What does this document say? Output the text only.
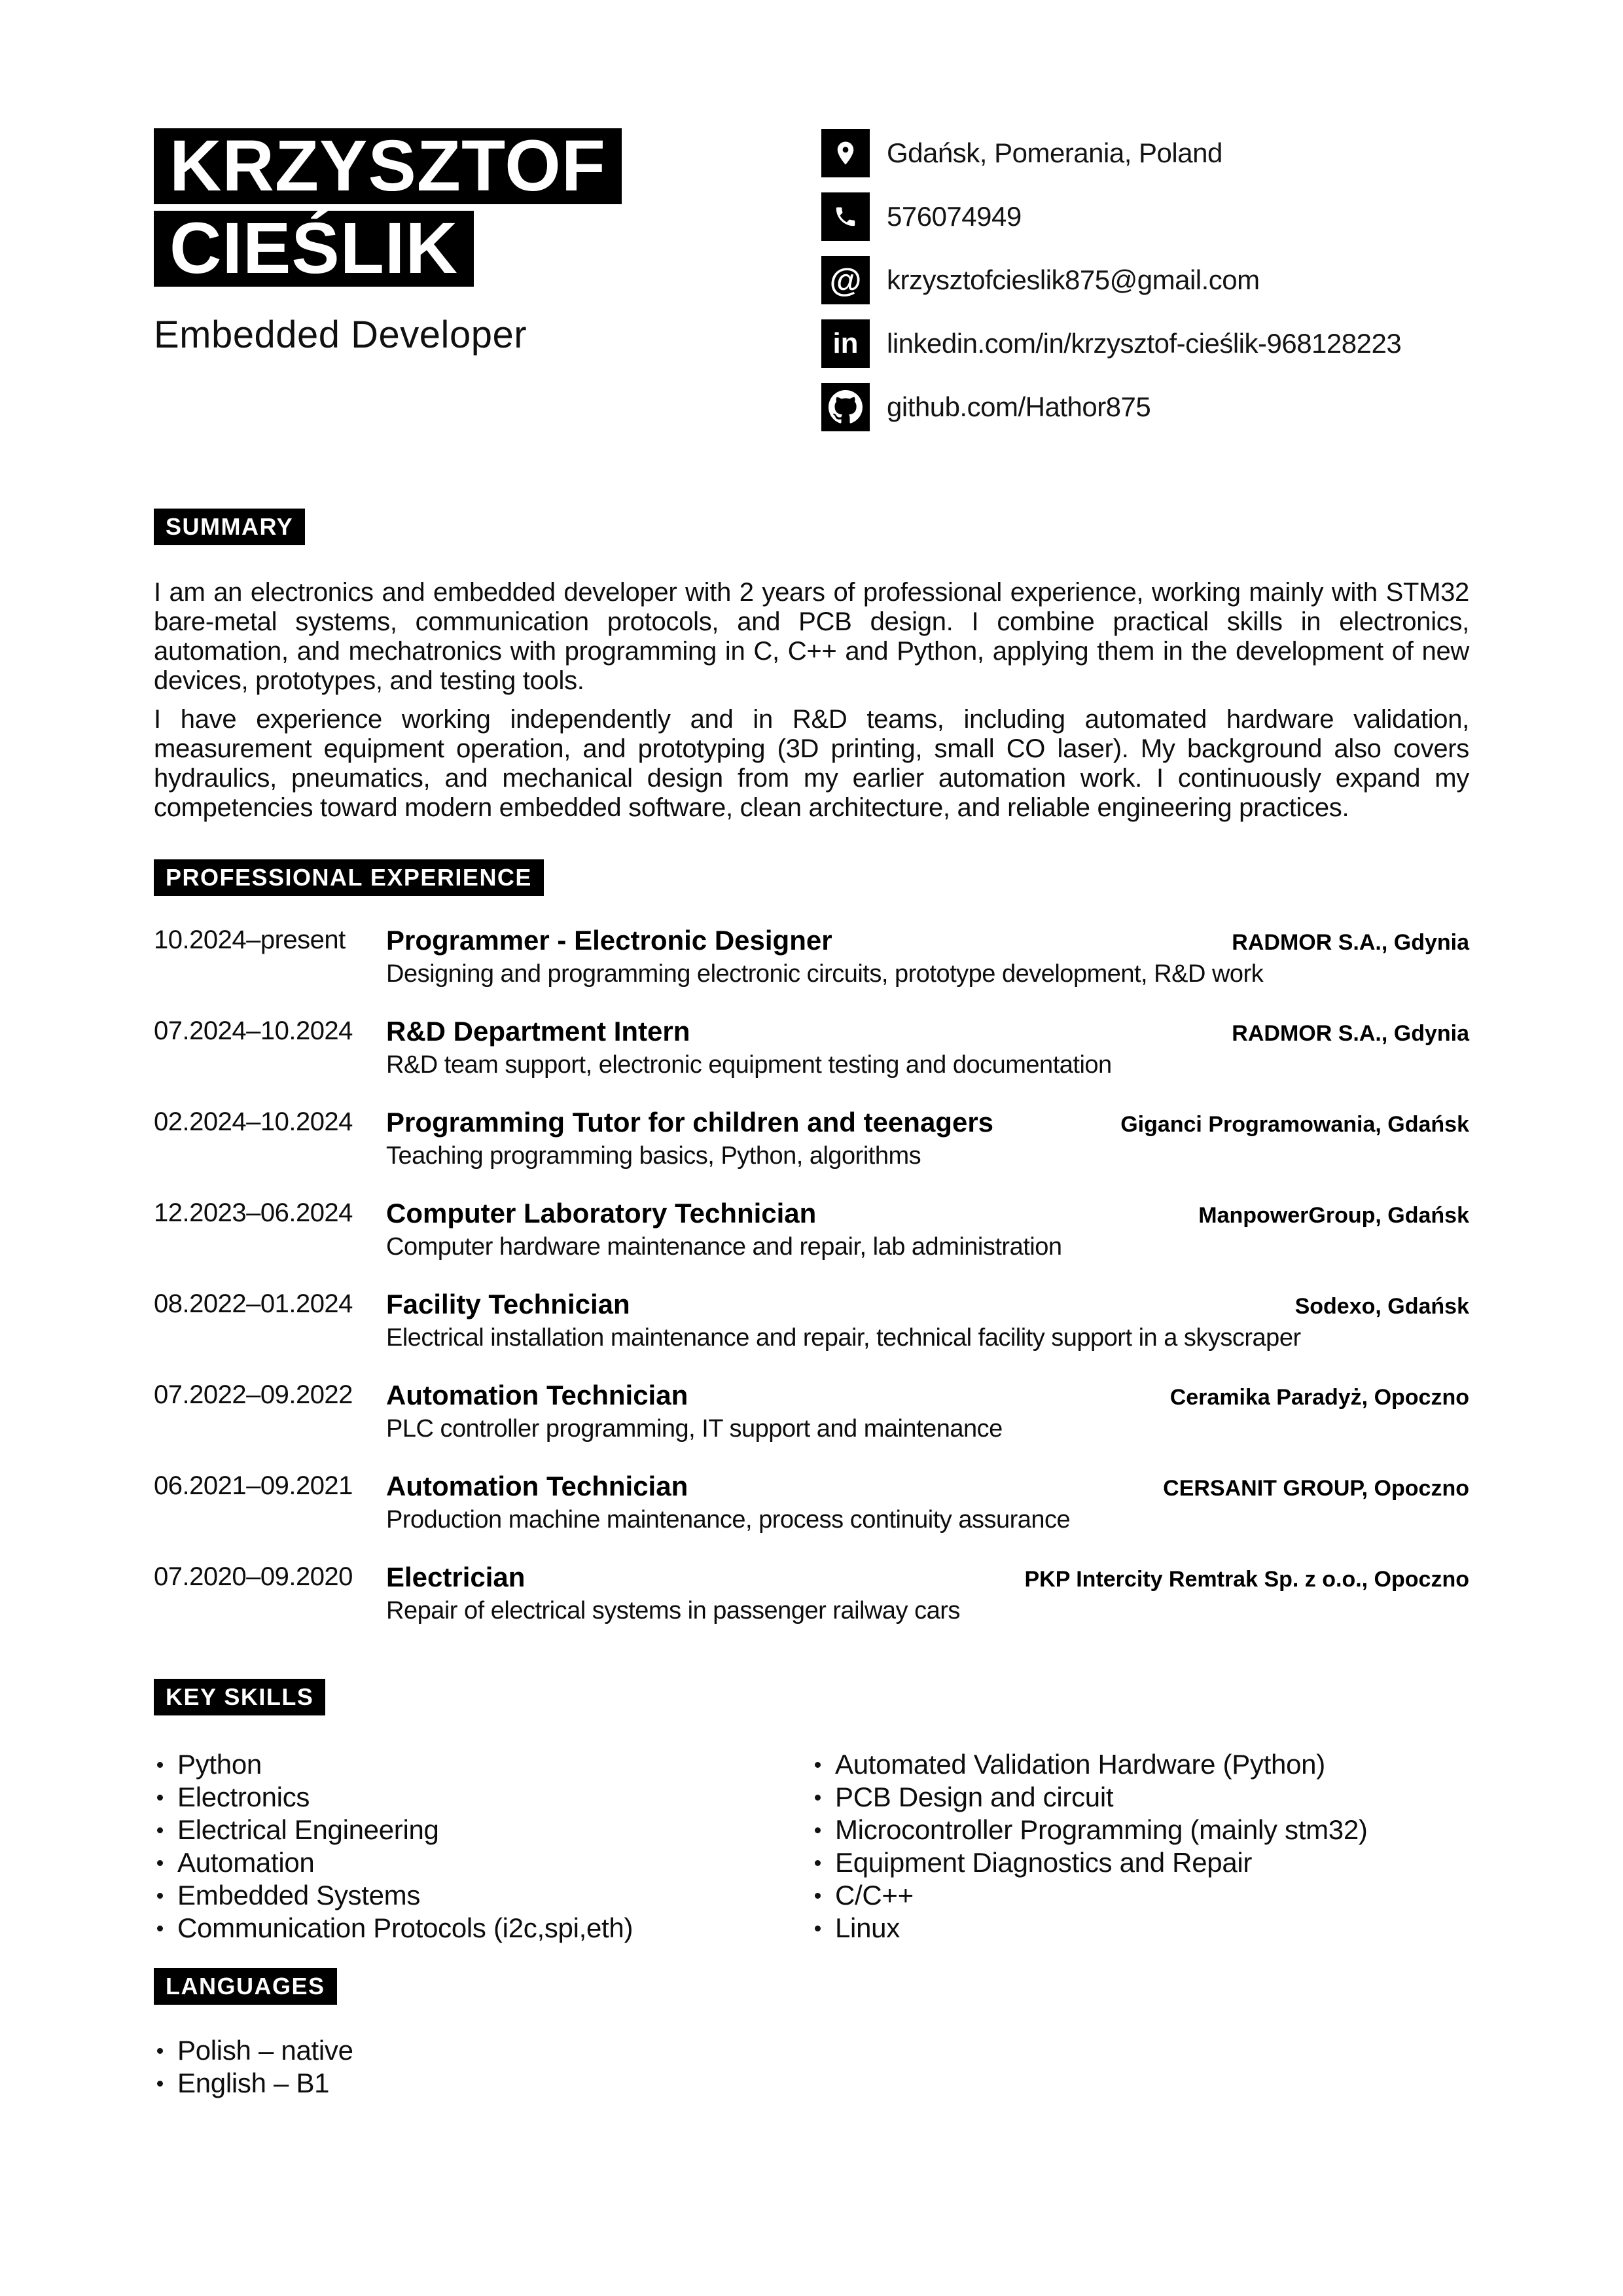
KRZYSZTOF
CIEŚLIK
Embedded Developer
Gdańsk, Pomerania, Poland
576074949
@ krzysztofcieslik875@gmail.com
in linkedin.com/in/krzysztof-cieślik-968128223
github.com/Hathor875
SUMMARY

I am an electronics and embedded developer with 2 years of professional experience, working mainly with STM32 bare-metal systems, communication protocols, and PCB design. I combine practical skills in electronics, automation, and mechatronics with programming in C, C++ and Python, applying them in the development of new devices, prototypes, and testing tools.

I have experience working independently and in R&D teams, including automated hardware validation, measurement equipment operation, and prototyping (3D printing, small CO laser). My background also covers hydraulics, pneumatics, and mechanical design from my earlier automation work. I continuously expand my competencies toward modern embedded software, clean architecture, and reliable engineering practices.

PROFESSIONAL EXPERIENCE
10.2024–present	Programmer - Electronic Designer	RADMOR S.A., Gdynia
Designing and programming electronic circuits, prototype development, R&D work
07.2024–10.2024	R&D Department Intern	RADMOR S.A., Gdynia
R&D team support, electronic equipment testing and documentation
02.2024–10.2024	Programming Tutor for children and teenagers	Giganci Programowania, Gdańsk
Teaching programming basics, Python, algorithms
12.2023–06.2024	Computer Laboratory Technician	ManpowerGroup, Gdańsk
Computer hardware maintenance and repair, lab administration
08.2022–01.2024	Facility Technician	Sodexo, Gdańsk
Electrical installation maintenance and repair, technical facility support in a skyscraper
07.2022–09.2022	Automation Technician	Ceramika Paradyż, Opoczno
PLC controller programming, IT support and maintenance
06.2021–09.2021	Automation Technician	CERSANIT GROUP, Opoczno
Production machine maintenance, process continuity assurance
07.2020–09.2020	Electrician	PKP Intercity Remtrak Sp. z o.o., Opoczno
Repair of electrical systems in passenger railway cars
KEY SKILLS
Python
Electronics
Electrical Engineering
Automation
Embedded Systems
Communication Protocols (i2c,spi,eth)
Automated Validation Hardware (Python)
PCB Design and circuit
Microcontroller Programming (mainly stm32)
Equipment Diagnostics and Repair
C/C++
Linux
LANGUAGES
Polish – native
English – B1
